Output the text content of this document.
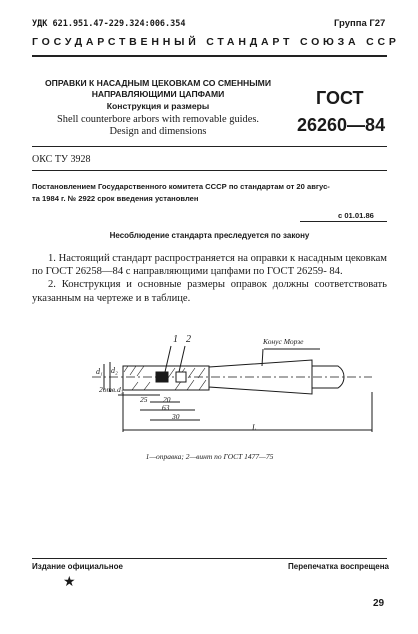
УДК 621.951.47-229.324:006.354	Группа Г27
ГОСУДАРСТВЕННЫЙ СТАНДАРТ СОЮЗА ССР
ОПРАВКИ К НАСАДНЫМ ЦЕКОВКАМ СО СМЕННЫМИ
НАПРАВЛЯЮЩИМИ ЦАПФАМИ
Конструкция и размеры
Shell counterbore arbors with removable guides.
Design and dimensions
ГОСТ
26260—84
ОКС ТУ 3928
Постановлением Государственного комитета СССР по стандартам от 20 авгус-
та 1984 г. № 2922 срок введения установлен
с 01.01.86
Несоблюдение стандарта преследуется по закону

1. Настоящий стандарт распространяется на оправки к насадным цековкам по ГОСТ 26258—84 с направляющими цапфами по ГОСТ 26259- 84.

2. Конструкция и основные размеры оправок должны соответствовать указанным на чертеже и в таблице.

1 2	Конус Морзе
d₁ d₂
2отв.d₃
25 20
63
30
L
1—оправка; 2—винт по ГОСТ 1477—75
Издание официальное
★
Перепечатка воспрещена
29
